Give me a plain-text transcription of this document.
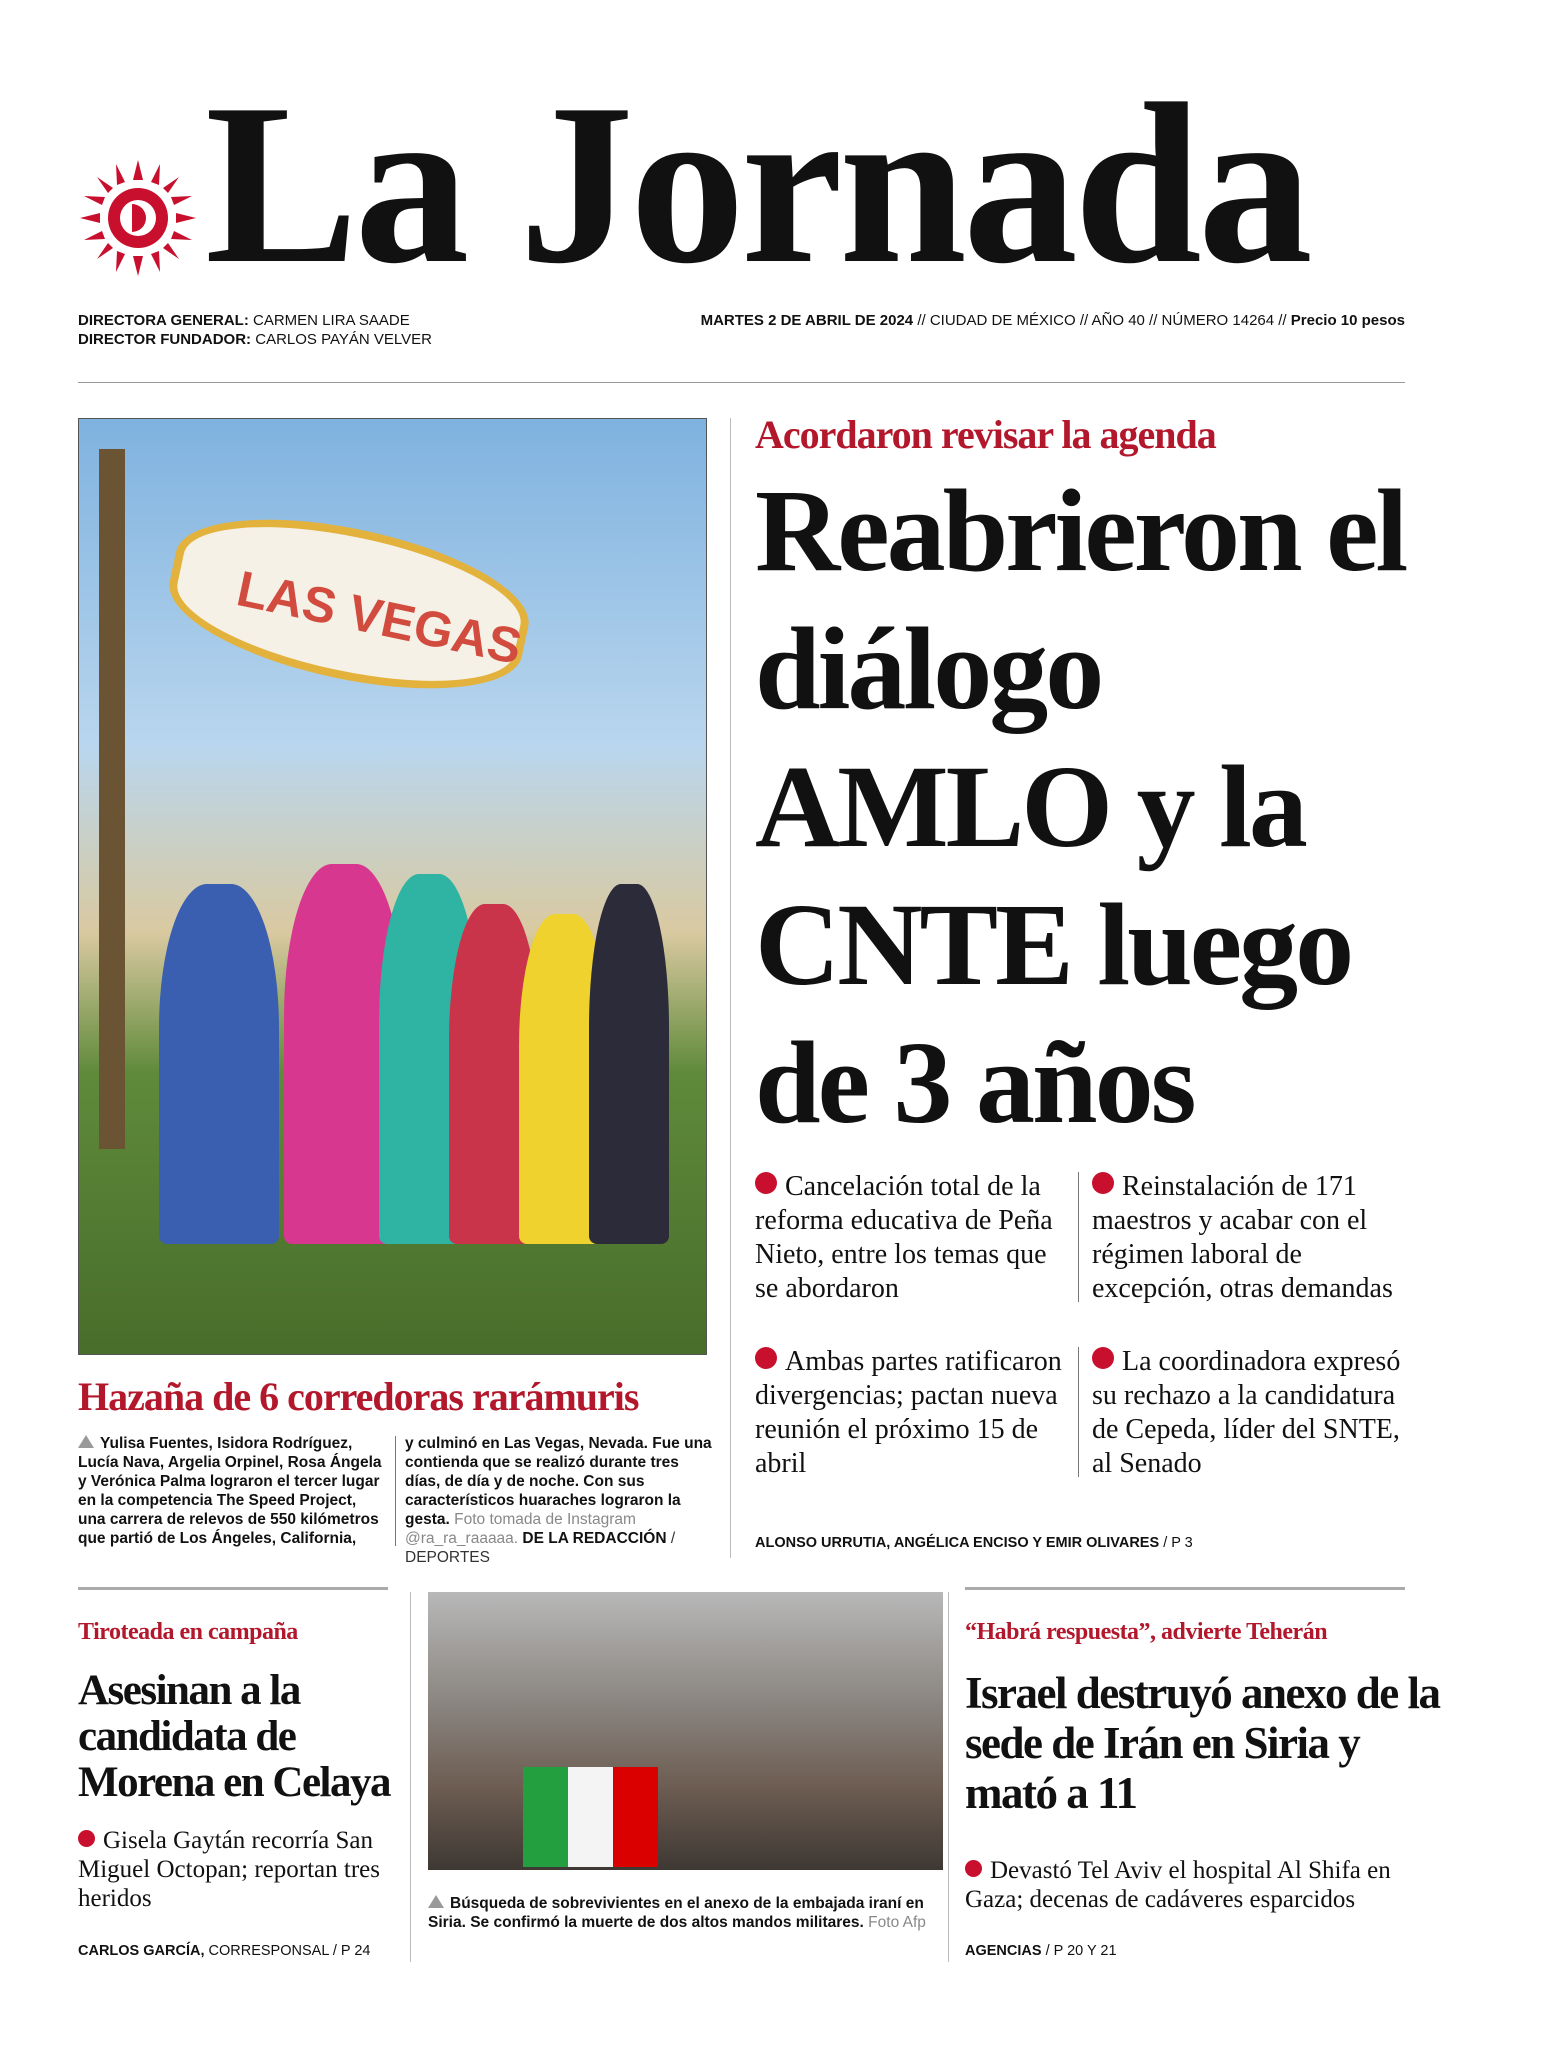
La Jornada
DIRECTORA GENERAL: CARMEN LIRA SAADE
DIRECTOR FUNDADOR: CARLOS PAYÁN VELVER
MARTES 2 DE ABRIL DE 2024 // CIUDAD DE MÉXICO // AÑO 40 // NÚMERO 14264 // Precio 10 pesos
LAS VEGAS
Hazaña de 6 corredoras rarámuris
Yulisa Fuentes, Isidora Rodríguez, Lucía Nava, Argelia Orpinel, Rosa Ángela y Verónica Palma lograron el tercer lugar en la competencia The Speed Project, una carrera de relevos de 550 kilómetros que partió de Los Ángeles, California,
y culminó en Las Vegas, Nevada. Fue una contienda que se realizó durante tres días, de día y de noche. Con sus característicos huaraches lograron la gesta. Foto tomada de Instagram @ra_ra_raaaaa. DE LA REDACCIÓN / DEPORTES
Acordaron revisar la agenda
Reabrieron el diálogo AMLO y la CNTE luego de 3 años
Cancelación total de la reforma educativa de Peña Nieto, entre los temas que se abordaron
Reinstalación de 171 maestros y acabar con el régimen laboral de excepción, otras demandas
Ambas partes ratificaron divergencias; pactan nueva reunión el próximo 15 de abril
La coordinadora expresó su rechazo a la candidatura de Cepeda, líder del SNTE, al Senado
ALONSO URRUTIA, ANGÉLICA ENCISO Y EMIR OLIVARES / P 3
Tiroteada en campaña
Asesinan a la candidata de Morena en Celaya
Gisela Gaytán recorría San Miguel Octopan; reportan tres heridos
CARLOS GARCÍA, CORRESPONSAL / P 24
Búsqueda de sobrevivientes en el anexo de la embajada iraní en Siria. Se confirmó la muerte de dos altos mandos militares. Foto Afp
“Habrá respuesta”, advierte Teherán
Israel destruyó anexo de la sede de Irán en Siria y mató a 11
Devastó Tel Aviv el hospital Al Shifa en Gaza; decenas de cadáveres esparcidos
AGENCIAS / P 20 Y 21
